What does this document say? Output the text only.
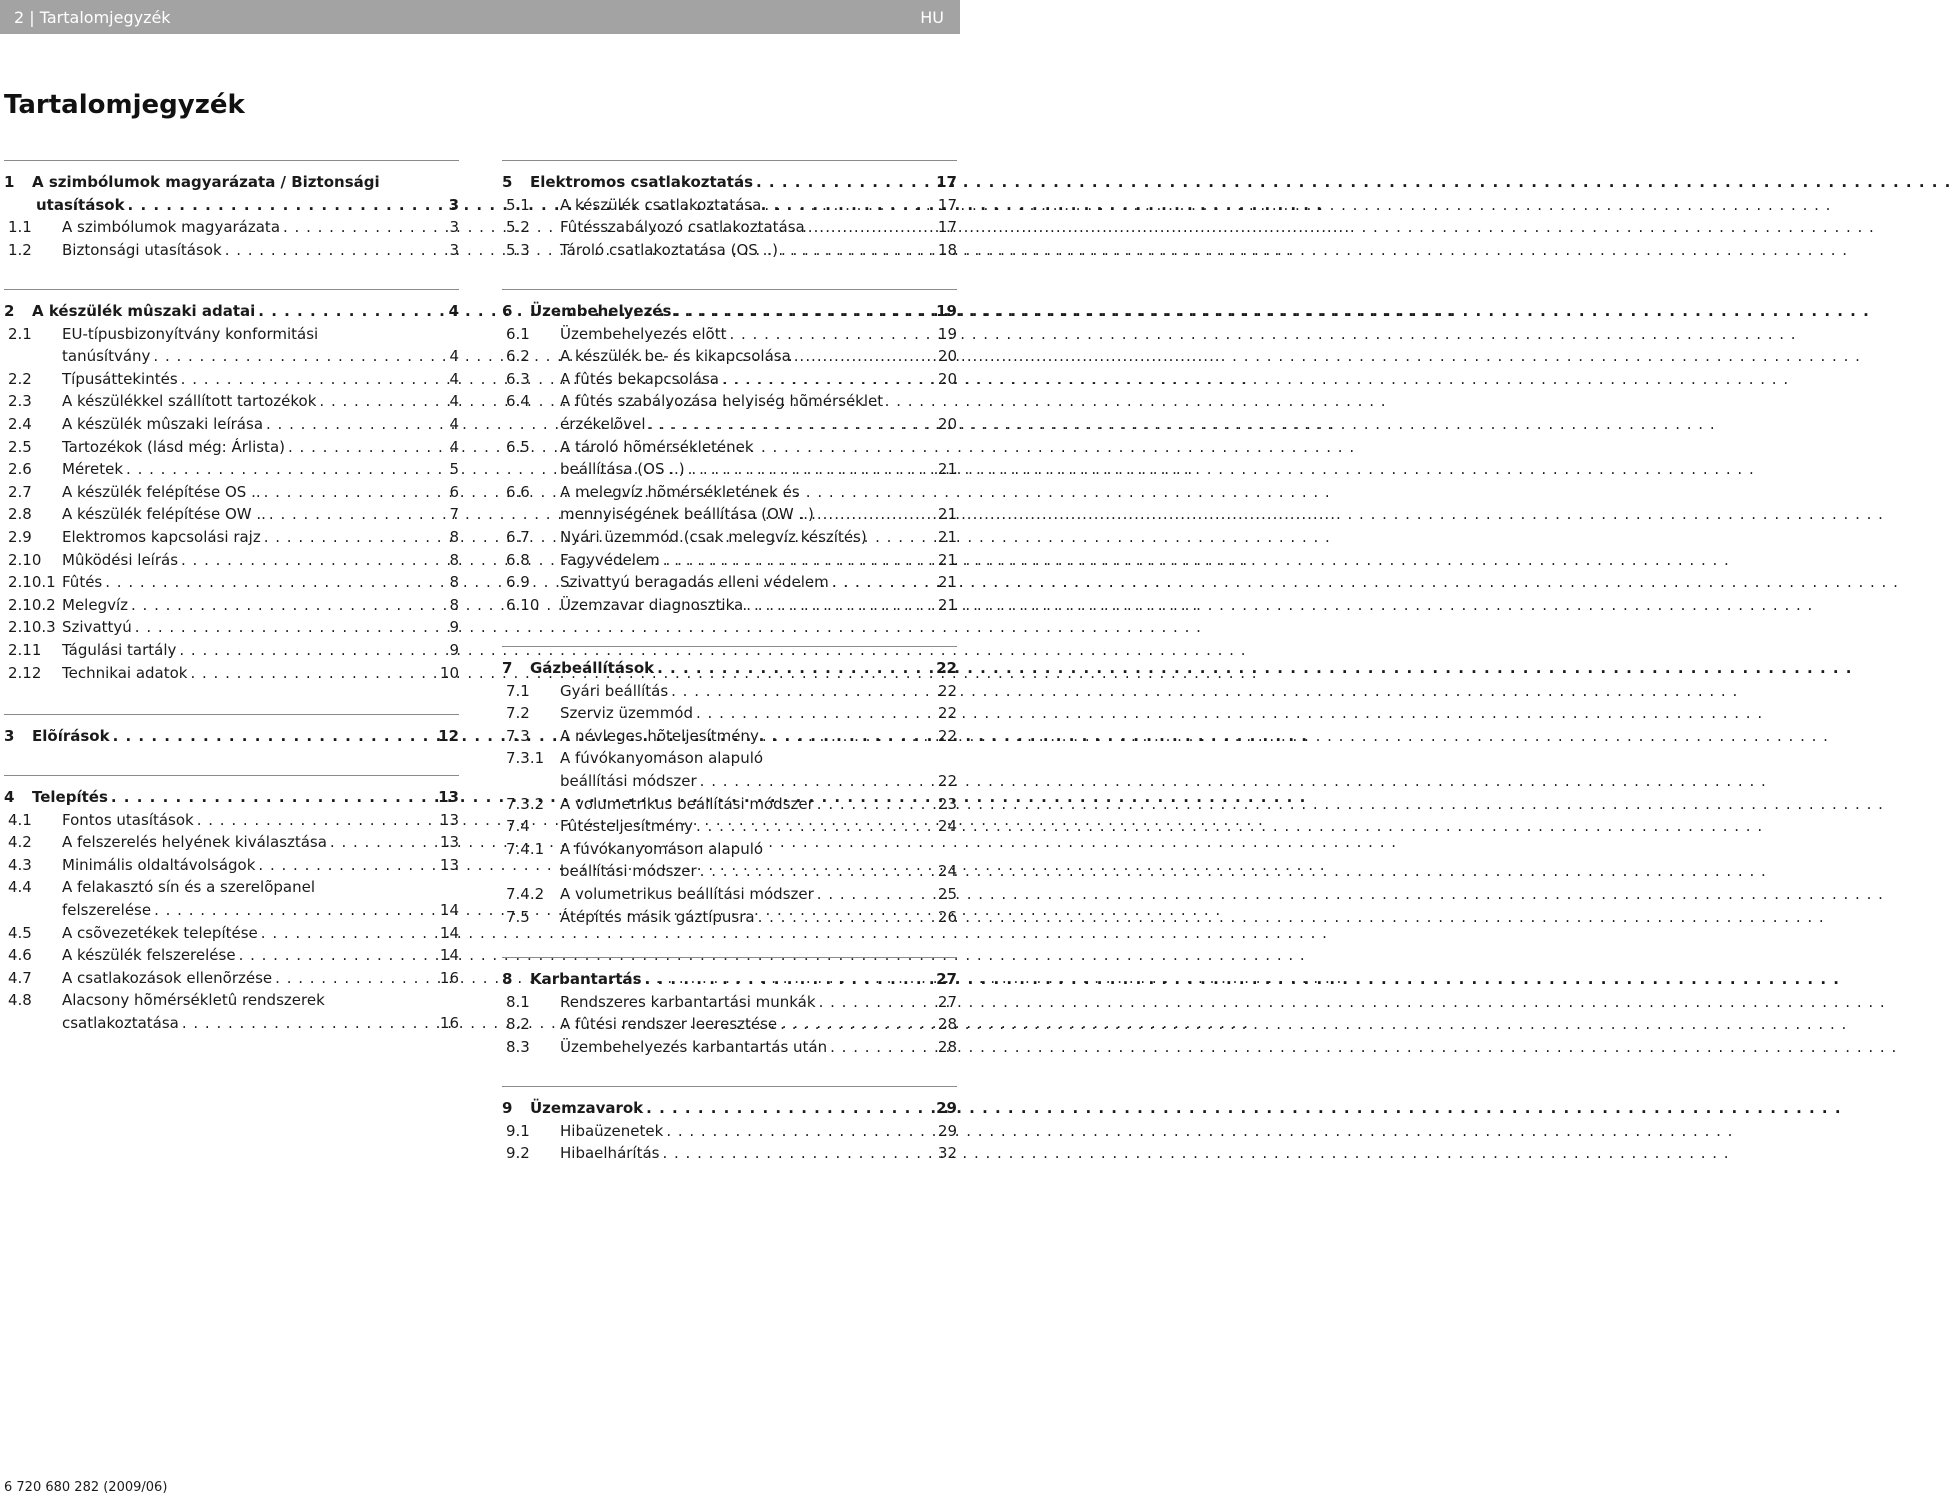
2 | Tartalomjegyzék	HU
Tartalomjegyzék
1	A szimbólumok magyarázata / Biztonsági
utasítások . . .	3
1.1	A szimbólumok magyarázata . . .	3
1.2	Biztonsági utasítások . . .	3
2	A készülék mûszaki adatai . . .	4
2.1	EU-típusbizonyítvány konformitási
tanúsítvány . . .	4
2.2	Típusáttekintés . . .	4
2.3	A készülékkel szállított tartozékok . . .	4
2.4	A készülék mûszaki leírása . . .	4
2.5	Tartozékok (lásd még: Árlista) . . .	4
2.6	Méretek . . .	5
2.7	A készülék felépítése OS .. . . .	6
2.8	A készülék felépítése OW .. . . .	7
2.9	Elektromos kapcsolási rajz . . .	8
2.10	Mûködési leírás . . .	8
2.10.1 Fûtés . . .	8
2.10.2 Melegvíz . . .	8
2.10.3 Szivattyú . . .	9
2.11	Tágulási tartály . . .	9
2.12	Technikai adatok . . .	10
3	Elõírások . . .	12
4	Telepítés . . .	13
4.1	Fontos utasítások . . .	13
4.2	A felszerelés helyének kiválasztása . . .	13
4.3	Minimális oldaltávolságok . . .	13
4.4	A felakasztó sín és a szerelõpanel
felszerelése . . .	14
4.5	A csõvezetékek telepítése . . .	14
4.6	A készülék felszerelése . . .	14
4.7	A csatlakozások ellenõrzése . . .	16
4.8	Alacsony hõmérsékletû rendszerek
csatlakoztatása . . .	16
5	Elektromos csatlakoztatás . . .	17
5.1	A készülék csatlakoztatása . . .	17
5.2	Fûtésszabályozó csatlakoztatása . . .	17
5.3	Tároló csatlakoztatása (OS ..) . . .	18
6	Üzembehelyezés . . .	19
6.1	Üzembehelyezés elõtt . . .	19
6.2	A készülék be- és kikapcsolása . . .	20
6.3	A fûtés bekapcsolása . . .	20
6.4	A fûtés szabályozása helyiség hõmérséklet
érzékelõvel . . .	20
6.5	A tároló hõmérsékletének
beállítása (OS ..) . . .	21
6.6	A melegvíz hõmérsékletének és
mennyiségének beállítása (OW ..) . . .	21
6.7	Nyári üzemmód (csak melegvíz készítés)	21
6.8	Fagyvédelem . . .	21
6.9	Szivattyú beragadás elleni védelem . . .	21
6.10	Üzemzavar diagnosztika . . .	21
7	Gázbeállítások . . .	22
7.1	Gyári beállítás . . .	22
7.2	Szerviz üzemmód . . .	22
7.3	A névleges hõteljesítmény . . .	22
7.3.1	A fúvókanyomáson alapuló
beállítási módszer . . .	22
7.3.2	A volumetrikus beállítási módszer . . .	23
7.4	Fûtésteljesítmény . . .	24
7.4.1	A fúvókanyomáson alapuló
beállítási módszer . . .	24
7.4.2	A volumetrikus beállítási módszer . . .	25
7.5	Átépítés másik gáztípusra . . .	26
8	Karbantartás . . .	27
8.1	Rendszeres karbantartási munkák . . .	27
8.2	A fûtési rendszer leeresztése . . .	28
8.3	Üzembehelyezés karbantartás után . . .	28
9	Üzemzavarok . . .	29
9.1	Hibaüzenetek . . .	29
9.2	Hibaelhárítás . . .	32
6 720 680 282 (2009/06)
